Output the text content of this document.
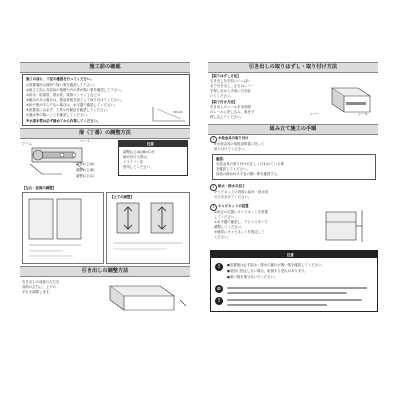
施工前の確認
施工の前に、下記の確認を行ってください。
①設置場所は面取り無い事を確認して下さい。
②組立て前に各部品の損傷や汚れ等が無い事を確認して下さい。
③給水・給湯管、排水管、電源コンセントなどの
④幅木がある場合は、製品背面を加工して取り付けてください。
⑤床や壁が平らでない場合は、水平器で確認してください。
⑥設置前には必ず、工具や付属品を確認してください。
⑦漏水等の無いことを確認してください。
※水道本管は必ず締めてから作業してください。
30mm
扉（丁番）の調整方法
アーム
ベース
調整ねじ(A)
調整ねじ(B)
調整ねじ(C)
注意
調整ねじ(A)(B)(C)を
締め付ける際は、
ドライバーを
使用してください。
【左右・前後の調整】
【上下の調整】
引き出しの調整方法
引き出しの前板の左右を、
前枠の左右に、上下の
ずれを調整します。
引き出しの取りはずし・取り付け方法
【取りはずし方法】
引き出しを手前にいっぱい
まで引き出し、左右のレバー
を押しながら手前に引き抜
いてください。
【取り付け方法】
引き出しのレールを本体側
のレールに差し込み、奥まで
押し込んでください。
レバー	レール
組み立て施工の手順
1	水栓金具の取り付け
※水栓金具の取扱説明書に従って
取り付けてください。
確認：
水栓金具の取り付けが正しく行われている事
を確認してください。
部品の締め付け不良の無い事を確認する。
2	給水・排水の加工
キャビネットの背面に給水・排水用
の穴をあけてください。
3	キャビネットの設置
①所定の位置にキャビネットを設置
してください。
②水平器で確認し、アジャスターで
調整してください。
③壁面にキャビネットを固定して
ください。
注意
!	●設置後は必ず給水・排水の漏れが無い事を確認してください。
●壁面に固定しない場合、転倒する恐れがあります。
●重い物を乗せないでください。
⊘
!
